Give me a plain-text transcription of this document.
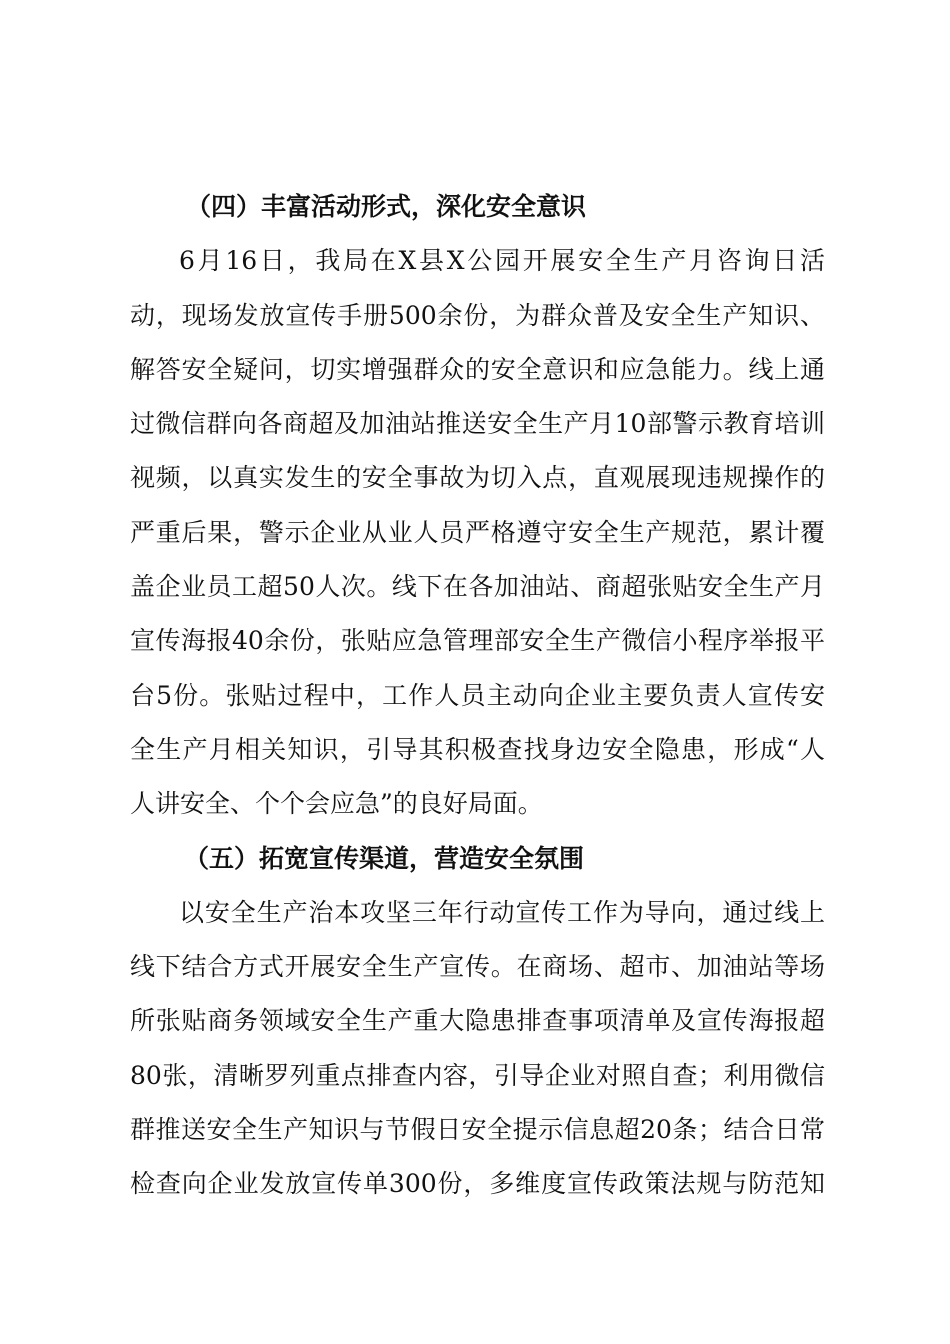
（四）丰富活动形式，深化安全意识
6月16日，我局在X县X公园开展安全生产月咨询日活
动，现场发放宣传手册500余份，为群众普及安全生产知识、
解答安全疑问，切实增强群众的安全意识和应急能力。线上通
过微信群向各商超及加油站推送安全生产月10部警示教育培训
视频，以真实发生的安全事故为切入点，直观展现违规操作的
严重后果，警示企业从业人员严格遵守安全生产规范，累计覆
盖企业员工超50人次。线下在各加油站、商超张贴安全生产月
宣传海报40余份，张贴应急管理部安全生产微信小程序举报平
台5份。张贴过程中，工作人员主动向企业主要负责人宣传安
全生产月相关知识，引导其积极查找身边安全隐患，形成“人
人讲安全、个个会应急”的良好局面。
（五）拓宽宣传渠道，营造安全氛围
以安全生产治本攻坚三年行动宣传工作为导向，通过线上
线下结合方式开展安全生产宣传。在商场、超市、加油站等场
所张贴商务领域安全生产重大隐患排查事项清单及宣传海报超
80张，清晰罗列重点排查内容，引导企业对照自查；利用微信
群推送安全生产知识与节假日安全提示信息超20条；结合日常
检查向企业发放宣传单300份，多维度宣传政策法规与防范知
